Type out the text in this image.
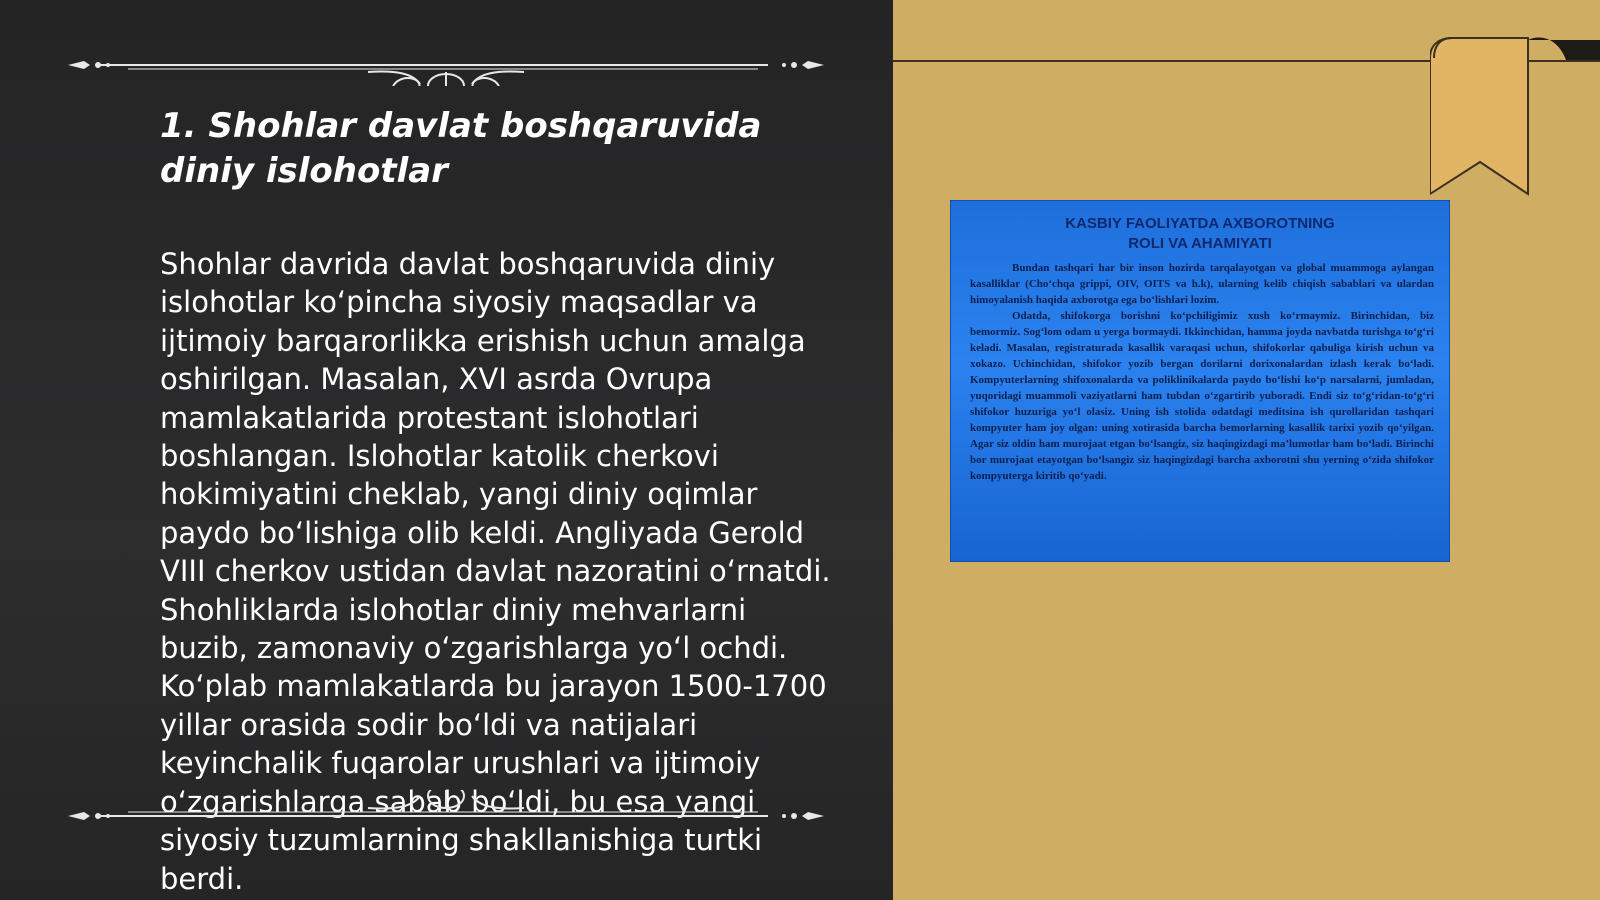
1. Shohlar davlat boshqaruvida diniy islohotlar

Shohlar davrida davlat boshqaruvida diniy islohotlar koʻpincha siyosiy maqsadlar va ijtimoiy barqarorlikka erishish uchun amalga oshirilgan. Masalan, XVI asrda Ovrupa mamlakatlarida protestant islohotlari boshlangan. Islohotlar katolik cherkovi hokimiyatini cheklab, yangi diniy oqimlar paydo boʻlishiga olib keldi. Angliyada Gerold VIII cherkov ustidan davlat nazoratini oʻrnatdi. Shohliklarda islohotlar diniy mehvarlarni buzib, zamonaviy oʻzgarishlarga yoʻl ochdi. Koʻplab mamlakatlarda bu jarayon 1500-1700 yillar orasida sodir boʻldi va natijalari keyinchalik fuqarolar urushlari va ijtimoiy oʻzgarishlarga sabab boʻldi, bu esa yangi siyosiy tuzumlarning shakllanishiga turtki berdi.

KASBIY FAOLIYATDA AXBOROTNING
ROLI VA AHAMIYATI

Bundan tashqari har bir inson hozirda tarqalayotgan va global muammoga aylangan kasalliklar (Choʻchqa grippi, OIV, OITS va h.k), ularning kelib chiqish sabablari va ulardan himoyalanish haqida axborotga ega boʻlishlari lozim.

Odatda, shifokorga borishni koʻpchiligimiz xush koʻrmaymiz. Birinchidan, biz bemormiz. Sogʻlom odam u yerga bormaydi. Ikkinchidan, hamma joyda navbatda turishga toʻgʻri keladi. Masalan, registraturada kasallik varaqasi uchun, shifokorlar qabuliga kirish uchun va xokazo. Uchinchidan, shifokor yozib bergan dorilarni dorixonalardan izlash kerak boʻladi. Kompyuterlarning shifoxonalarda va poliklinikalarda paydo boʻlishi koʻp narsalarni, jumladan, yuqoridagi muammoli vaziyatlarni ham tubdan oʻzgartirib yuboradi. Endi siz toʻgʻridan-toʻgʻri shifokor huzuriga yoʻl olasiz. Uning ish stolida odatdagi meditsina ish qurollaridan tashqari kompyuter ham joy olgan: uning xotirasida barcha bemorlarning kasallik tarixi yozib qoʻyilgan. Agar siz oldin ham murojaat etgan boʻlsangiz, siz haqingizdagi maʼlumotlar ham boʻladi. Birinchi bor murojaat etayotgan boʻlsangiz siz haqingizdagi barcha axborotni shu yerning oʻzida shifokor kompyuterga kiritib qoʻyadi.
